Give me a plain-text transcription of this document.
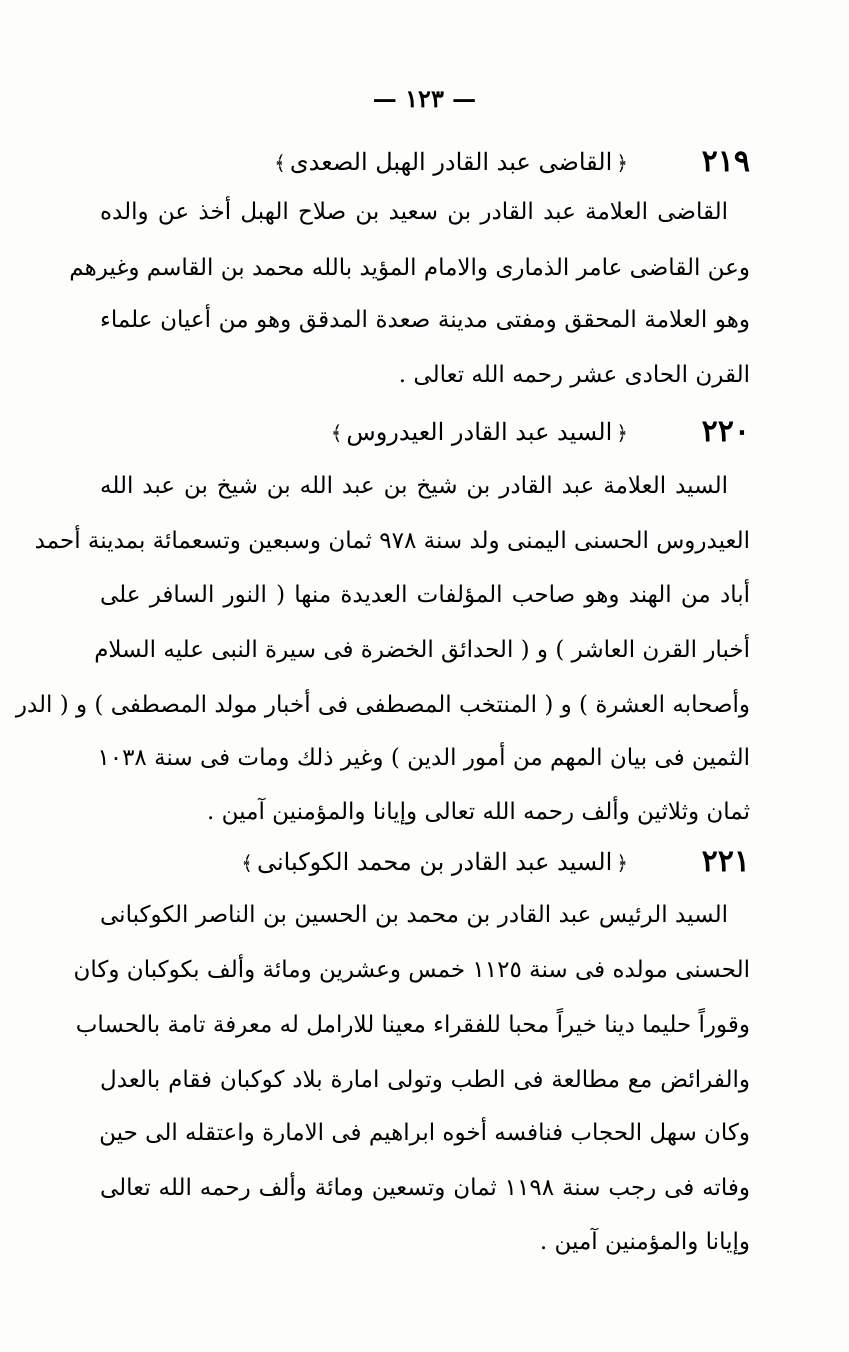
— ١٢٣ —
٢١٩
﴿القاضى عبد القادر الهبل الصعدى﴾
القاضى العلامة عبد القادر بن سعيد بن صلاح الهبل أخذ عن والده
وعن القاضى عامر الذمارى والامام المؤيد بالله محمد بن القاسم وغيرهم
وهو العلامة المحقق ومفتى مدينة صعدة المدقق وهو من أعيان علماء
القرن الحادى عشر رحمه الله تعالى .
٢٢٠
﴿السيد عبد القادر العيدروس﴾
السيد العلامة عبد القادر بن شيخ بن عبد الله بن شيخ بن عبد الله
العيدروس الحسنى اليمنى ولد سنة ٩٧٨ ثمان وسبعين وتسعمائة بمدينة أحمد
أباد من الهند وهو صاحب المؤلفات العديدة منها ( النور السافر على
أخبار القرن العاشر ) و ( الحدائق الخضرة فى سيرة النبى عليه السلام
وأصحابه العشرة ) و ( المنتخب المصطفى فى أخبار مولد المصطفى ) و ( الدر
الثمين فى بيان المهم من أمور الدين ) وغير ذلك ومات فى سنة ١٠٣٨
ثمان وثلاثين وألف رحمه الله تعالى وإيانا والمؤمنين آمين .
٢٢١
﴿السيد عبد القادر بن محمد الكوكبانى﴾
السيد الرئيس عبد القادر بن محمد بن الحسين بن الناصر الكوكبانى
الحسنى مولده فى سنة ١١٢٥ خمس وعشرين ومائة وألف بكوكبان وكان
وقوراً حليما دينا خيراً محبا للفقراء معينا للارامل له معرفة تامة بالحساب
والفرائض مع مطالعة فى الطب وتولى امارة بلاد كوكبان فقام بالعدل
وكان سهل الحجاب فنافسه أخوه ابراهيم فى الامارة واعتقله الى حين
وفاته فى رجب سنة ١١٩٨ ثمان وتسعين ومائة وألف رحمه الله تعالى
وإيانا والمؤمنين آمين .
